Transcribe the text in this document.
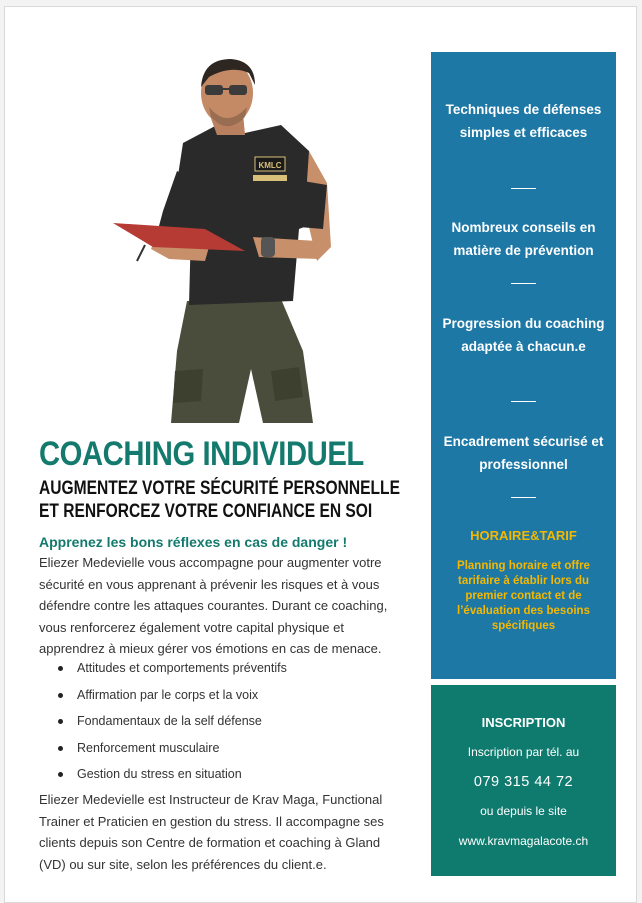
KMLC
COACHING INDIVIDUEL
AUGMENTEZ VOTRE SÉCURITÉ PERSONNELLE
ET RENFORCEZ VOTRE CONFIANCE EN SOI

Apprenez les bons réflexes en cas de danger !

Eliezer Medevielle vous accompagne pour augmenter votre sécurité en vous apprenant à prévenir les risques et à vous défendre contre les attaques courantes. Durant ce coaching, vous renforcerez également votre capital physique et apprendrez à mieux gérer vos émotions en cas de menace.

Attitudes et comportements préventifs
Affirmation par le corps et la voix
Fondamentaux de la self défense
Renforcement musculaire
Gestion du stress en situation

Eliezer Medevielle est Instructeur de Krav Maga, Functional Trainer et Praticien en gestion du stress. Il accompagne ses clients depuis son Centre de formation et coaching à Gland (VD) ou sur site, selon les préférences du client.e.

Techniques de défenses simples et efficaces
Nombreux conseils en matière de prévention
Progression du coaching adaptée à chacun.e
Encadrement sécurisé et professionnel
HORAIRE&TARIF
Planning horaire et offre tarifaire à établir lors du premier contact et de l’évaluation des besoins spécifiques
INSCRIPTION
Inscription par tél. au
079 315 44 72
ou depuis le site
www.kravmagalacote.ch
